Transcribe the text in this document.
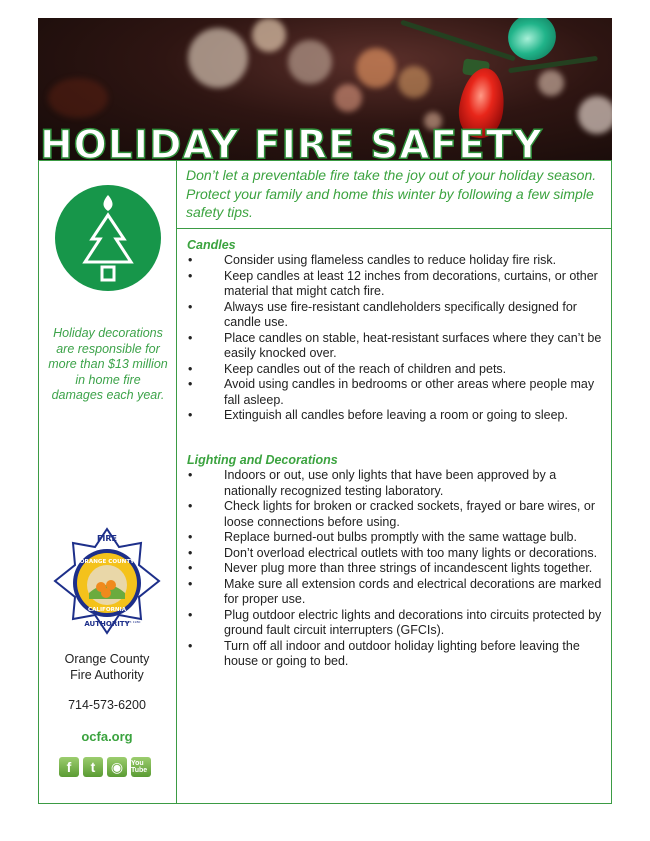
HOLIDAY FIRE SAFETY
Holiday decorations are responsible for more than $13 million in home fire damages each year.
FIRE
ORANGE COUNTY
CALIFORNIA
AUTHORITY
EST. 1980
Orange County
Fire Authority
714-573-6200
ocfa.org
f	t	◉	You Tube
Don’t let a preventable fire take the joy out of your holiday season. Protect your family and home this winter by following a few simple safety tips.
Candles
• Consider using flameless candles to reduce holiday fire risk.
• Keep candles at least 12 inches from decorations, curtains, or other material that might catch fire.
• Always use fire-resistant candleholders specifically designed for candle use.
• Place candles on stable, heat-resistant surfaces where they can’t be easily knocked over.
• Keep candles out of the reach of children and pets.
• Avoid using candles in bedrooms or other areas where people may fall asleep.
• Extinguish all candles before leaving a room or going to sleep.
Lighting and Decorations
• Indoors or out, use only lights that have been approved by a nationally recognized testing laboratory.
• Check lights for broken or cracked sockets, frayed or bare wires, or loose connections before using.
• Replace burned-out bulbs promptly with the same wattage bulb.
• Don’t overload electrical outlets with too many lights or decorations.
• Never plug more than three strings of incandescent lights together.
• Make sure all extension cords and electrical decorations are marked for proper use.
• Plug outdoor electric lights and decorations into circuits protected by ground fault circuit interrupters (GFCIs).
• Turn off all indoor and outdoor holiday lighting before leaving the house or going to bed.
